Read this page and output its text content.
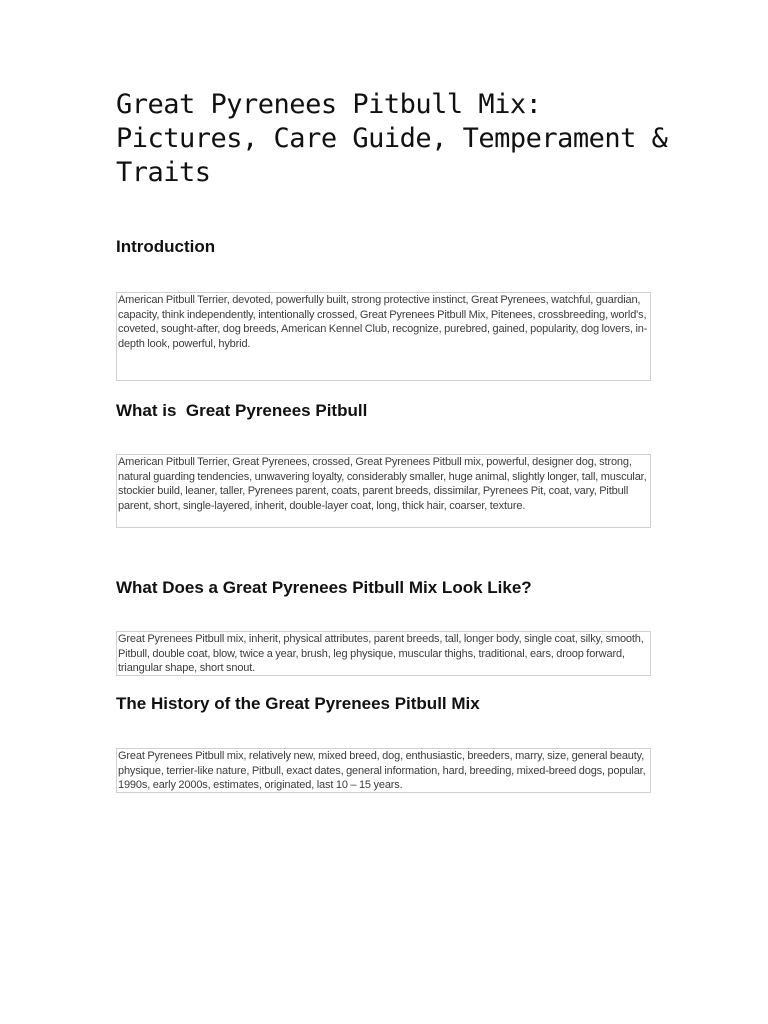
Great Pyrenees Pitbull Mix: Pictures, Care Guide, Temperament & Traits
Introduction

American Pitbull Terrier, devoted, powerfully built, strong protective instinct, Great Pyrenees, watchful, guardian, capacity, think independently, intentionally crossed, Great Pyrenees Pitbull Mix, Pitenees, crossbreeding, world's, coveted, sought-after, dog breeds, American Kennel Club, recognize, purebred, gained, popularity, dog lovers, in-depth look, powerful, hybrid.

What is  Great Pyrenees Pitbull

American Pitbull Terrier, Great Pyrenees, crossed, Great Pyrenees Pitbull mix, powerful, designer dog, strong, natural guarding tendencies, unwavering loyalty, considerably smaller, huge animal, slightly longer, tall, muscular, stockier build, leaner, taller, Pyrenees parent, coats, parent breeds, dissimilar, Pyrenees Pit, coat, vary, Pitbull parent, short, single-layered, inherit, double-layer coat, long, thick hair, coarser, texture.

What Does a Great Pyrenees Pitbull Mix Look Like?

Great Pyrenees Pitbull mix, inherit, physical attributes, parent breeds, tall, longer body, single coat, silky, smooth, Pitbull, double coat, blow, twice a year, brush, leg physique, muscular thighs, traditional, ears, droop forward, triangular shape, short snout.

The History of the Great Pyrenees Pitbull Mix

Great Pyrenees Pitbull mix, relatively new, mixed breed, dog, enthusiastic, breeders, marry, size, general beauty, physique, terrier-like nature, Pitbull, exact dates, general information, hard, breeding, mixed-breed dogs, popular, 1990s, early 2000s, estimates, originated, last 10 – 15 years.
